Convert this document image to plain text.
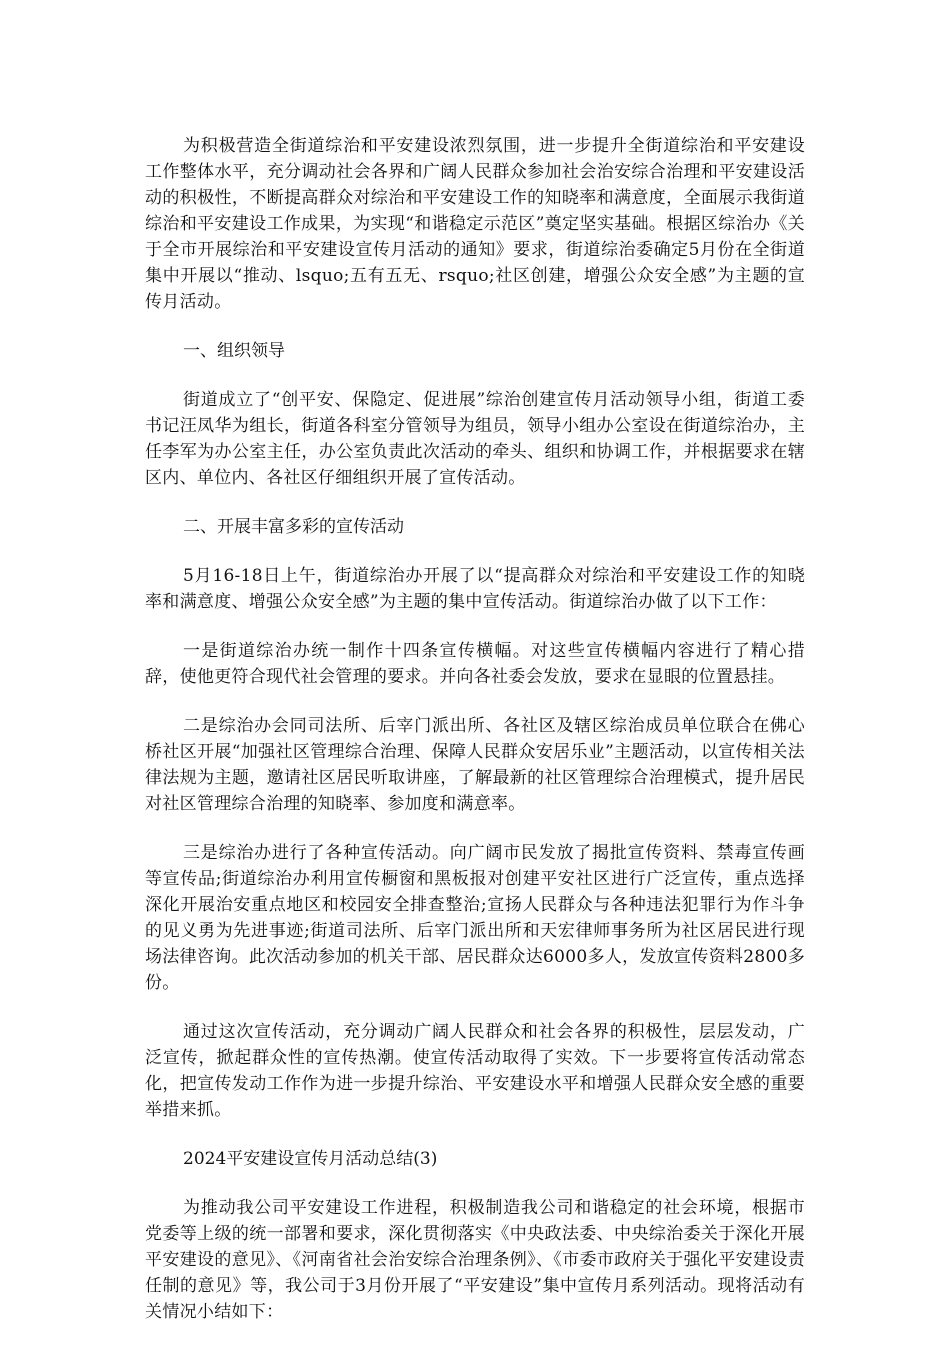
为积极营造全街道综治和平安建设浓烈氛围，进一步提升全街道综治和平安建设工作整体水平，充分调动社会各界和广阔人民群众参加社会治安综合治理和平安建设活动的积极性，不断提高群众对综治和平安建设工作的知晓率和满意度，全面展示我街道综治和平安建设工作成果，为实现“和谐稳定示范区”奠定坚实基础。根据区综治办《关于全市开展综治和平安建设宣传月活动的通知》要求，街道综治委确定5月份在全街道集中开展以“推动、lsquo;五有五无、rsquo;社区创建，增强公众安全感”为主题的宣传月活动。

一、组织领导

街道成立了“创平安、保隐定、促进展”综治创建宣传月活动领导小组，街道工委书记汪凤华为组长，街道各科室分管领导为组员，领导小组办公室设在街道综治办，主任李军为办公室主任，办公室负责此次活动的牵头、组织和协调工作，并根据要求在辖区内、单位内、各社区仔细组织开展了宣传活动。

二、开展丰富多彩的宣传活动

5月16-18日上午，街道综治办开展了以“提高群众对综治和平安建设工作的知晓率和满意度、增强公众安全感”为主题的集中宣传活动。街道综治办做了以下工作：

一是街道综治办统一制作十四条宣传横幅。对这些宣传横幅内容进行了精心措辞，使他更符合现代社会管理的要求。并向各社委会发放，要求在显眼的位置悬挂。

二是综治办会同司法所、后宰门派出所、各社区及辖区综治成员单位联合在佛心桥社区开展“加强社区管理综合治理、保障人民群众安居乐业”主题活动，以宣传相关法律法规为主题，邀请社区居民听取讲座，了解最新的社区管理综合治理模式，提升居民对社区管理综合治理的知晓率、参加度和满意率。

三是综治办进行了各种宣传活动。向广阔市民发放了揭批宣传资料、禁毒宣传画等宣传品;街道综治办利用宣传橱窗和黑板报对创建平安社区进行广泛宣传，重点选择深化开展治安重点地区和校园安全排查整治;宣扬人民群众与各种违法犯罪行为作斗争的见义勇为先进事迹;街道司法所、后宰门派出所和天宏律师事务所为社区居民进行现场法律咨询。此次活动参加的机关干部、居民群众达6000多人，发放宣传资料2800多份。

通过这次宣传活动，充分调动广阔人民群众和社会各界的积极性，层层发动，广泛宣传，掀起群众性的宣传热潮。使宣传活动取得了实效。下一步要将宣传活动常态化，把宣传发动工作作为进一步提升综治、平安建设水平和增强人民群众安全感的重要举措来抓。

2024平安建设宣传月活动总结(3)

为推动我公司平安建设工作进程，积极制造我公司和谐稳定的社会环境，根据市党委等上级的统一部署和要求，深化贯彻落实《中央政法委、中央综治委关于深化开展平安建设的意见》、《河南省社会治安综合治理条例》、《市委市政府关于强化平安建设责任制的意见》等，我公司于3月份开展了“平安建设”集中宣传月系列活动。现将活动有关情况小结如下：
